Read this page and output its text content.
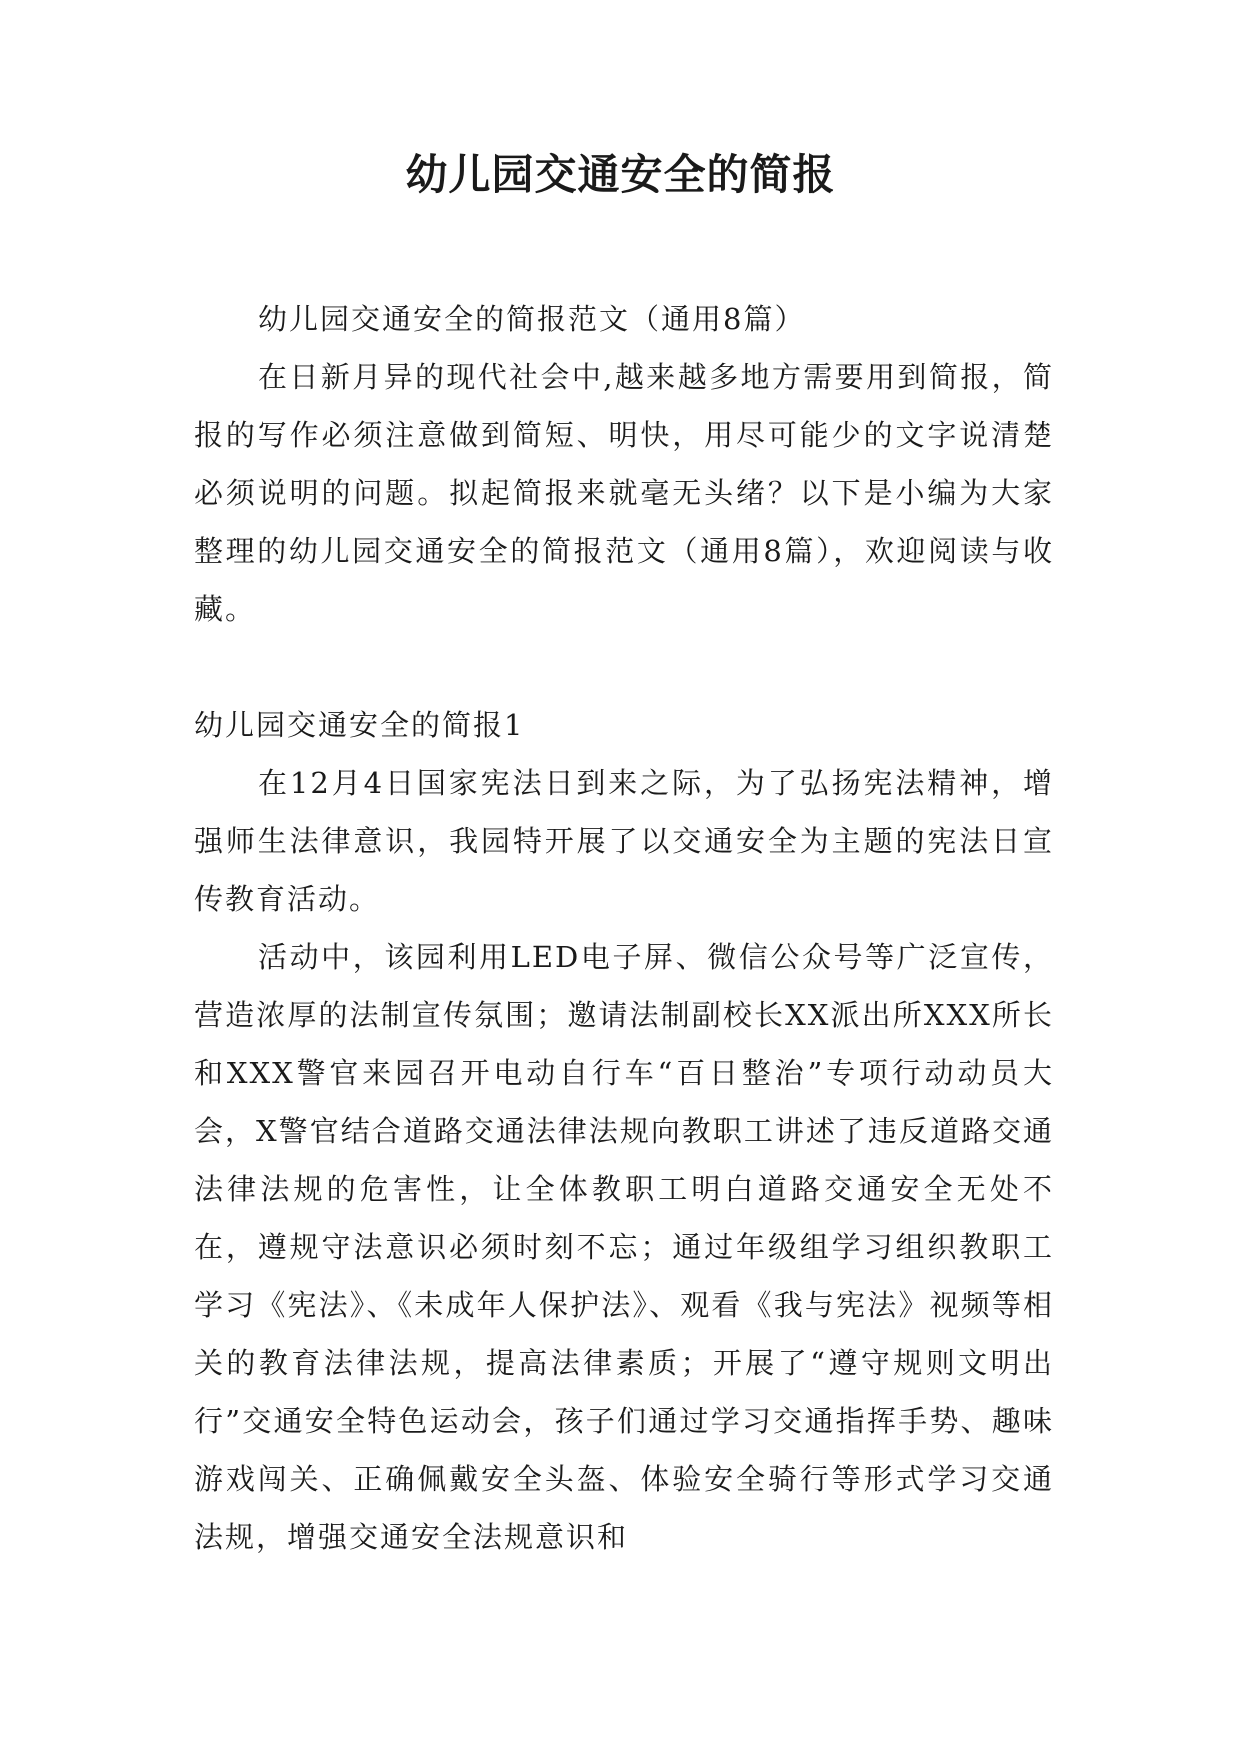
幼儿园交通安全的简报

幼儿园交通安全的简报范文（通用8篇）

在日新月异的现代社会中,越来越多地方需要用到简报，简报的写作必须注意做到简短、明快，用尽可能少的文字说清楚必须说明的问题。拟起简报来就毫无头绪？以下是小编为大家整理的幼儿园交通安全的简报范文（通用8篇），欢迎阅读与收藏。

幼儿园交通安全的简报1

在12月4日国家宪法日到来之际，为了弘扬宪法精神，增强师生法律意识，我园特开展了以交通安全为主题的宪法日宣传教育活动。

活动中，该园利用LED电子屏、微信公众号等广泛宣传，营造浓厚的法制宣传氛围；邀请法制副校长XX派出所XXX所长和XXX警官来园召开电动自行车“百日整治”专项行动动员大会，X警官结合道路交通法律法规向教职工讲述了违反道路交通法律法规的危害性，让全体教职工明白道路交通安全无处不在，遵规守法意识必须时刻不忘；通过年级组学习组织教职工学习《宪法》、《未成年人保护法》、观看《我与宪法》视频等相关的教育法律法规，提高法律素质；开展了“遵守规则文明出行”交通安全特色运动会，孩子们通过学习交通指挥手势、趣味游戏闯关、正确佩戴安全头盔、体验安全骑行等形式学习交通法规，增强交通安全法规意识和
